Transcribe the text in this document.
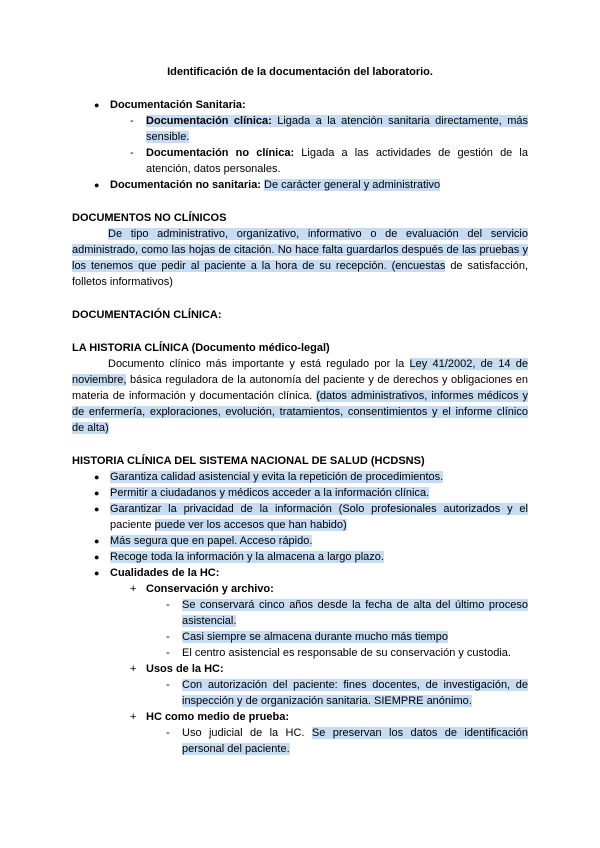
Identificación de la documentación del laboratorio.
● Documentación Sanitaria:
-	Documentación clínica: Ligada a la atención sanitaria directamente, más sensible.
-	Documentación no clínica: Ligada a las actividades de gestión de la atención, datos personales.
● Documentación no sanitaria: De carácter general y administrativo
DOCUMENTOS NO CLÍNICOS
De tipo administrativo, organizativo, informativo o de evaluación del servicio administrado, como las hojas de citación. No hace falta guardarlos después de las pruebas y los tenemos que pedir al paciente a la hora de su recepción. (encuestas de satisfacción, folletos informativos)
DOCUMENTACIÓN CLÍNICA:
LA HISTORIA CLÍNICA (Documento médico-legal)
Documento clínico más importante y está regulado por la Ley 41/2002, de 14 de noviembre, básica reguladora de la autonomía del paciente y de derechos y obligaciones en materia de información y documentación clínica. (datos administrativos, informes médicos y de enfermería, exploraciones, evolución, tratamientos, consentimientos y el informe clínico de alta)
HISTORIA CLÍNICA DEL SISTEMA NACIONAL DE SALUD (HCDSNS)
● Garantiza calidad asistencial y evita la repetición de procedimientos.
● Permitir a ciudadanos y médicos acceder a la información clínica.
● Garantizar la privacidad de la información (Solo profesionales autorizados y el paciente puede ver los accesos que han habido)
● Más segura que en papel. Acceso rápido.
● Recoge toda la información y la almacena a largo plazo.
● Cualidades de la HC:
+ Conservación y archivo:
-	Se conservará cinco años desde la fecha de alta del último proceso asistencial.
-	Casi siempre se almacena durante mucho más tiempo
-	El centro asistencial es responsable de su conservación y custodia.
+ Usos de la HC:
-	Con autorización del paciente: fines docentes, de investigación, de inspección y de organización sanitaria. SIEMPRE anónimo.
+ HC como medio de prueba:
-	Uso judicial de la HC. Se preservan los datos de identificación personal del paciente.
